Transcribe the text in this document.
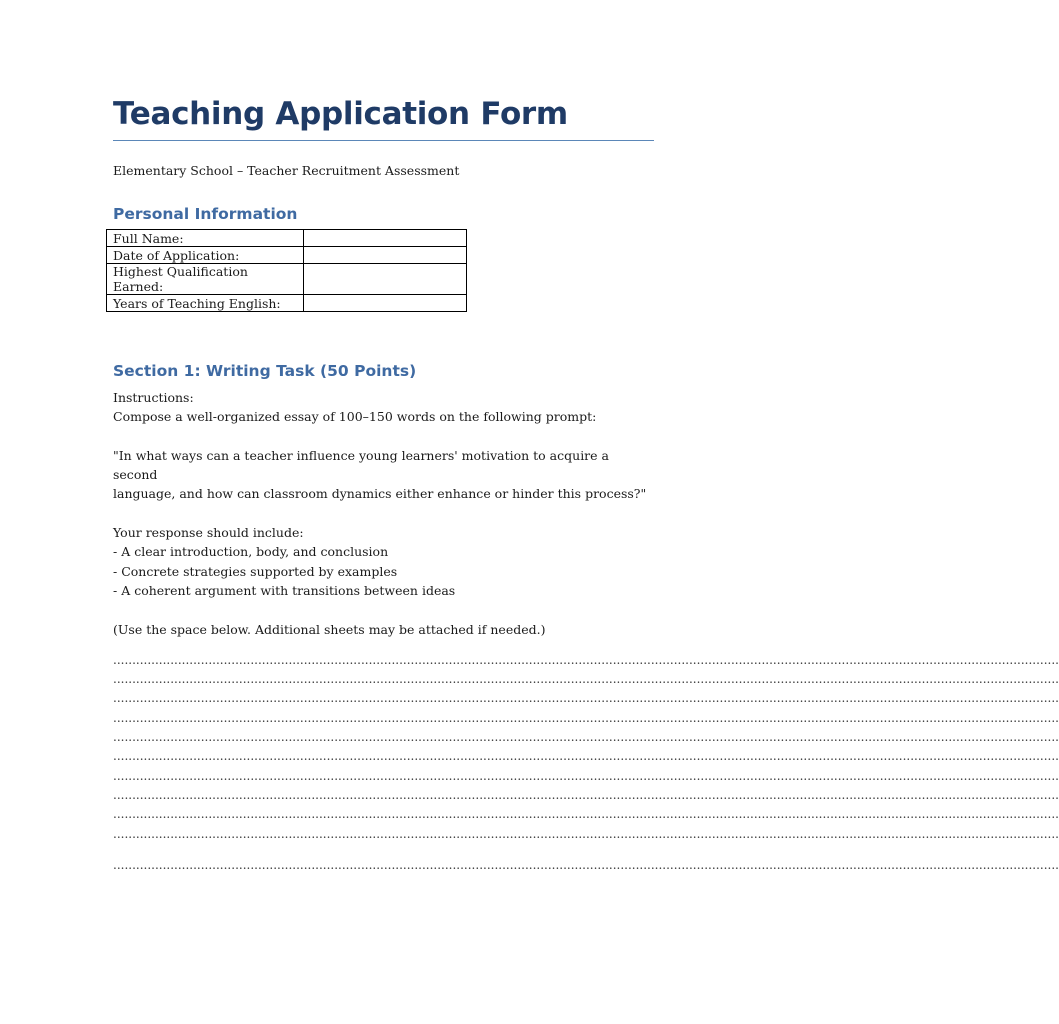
Teaching Application Form
Elementary School – Teacher Recruitment Assessment
Personal Information
Full Name:	
Date of Application:	
Highest Qualification Earned:	
Years of Teaching English:	
Section 1: Writing Task (50 Points)

Instructions:

Compose a well-organized essay of 100–150 words on the following prompt:

"In what ways can a teacher influence young learners' motivation to acquire a second

language, and how can classroom dynamics either enhance or hinder this process?"

Your response should include:

- A clear introduction, body, and conclusion

- Concrete strategies supported by examples

- A coherent argument with transitions between ideas

(Use the space below. Additional sheets may be attached if needed.)

........................................................................................................................................................................................................................................................
........................................................................................................................................................................................................................................................
........................................................................................................................................................................................................................................................
........................................................................................................................................................................................................................................................
........................................................................................................................................................................................................................................................
........................................................................................................................................................................................................................................................
........................................................................................................................................................................................................................................................
........................................................................................................................................................................................................................................................
........................................................................................................................................................................................................................................................
........................................................................................................................................................................................................................................................
........................................................................................................................................................................................................................................................
